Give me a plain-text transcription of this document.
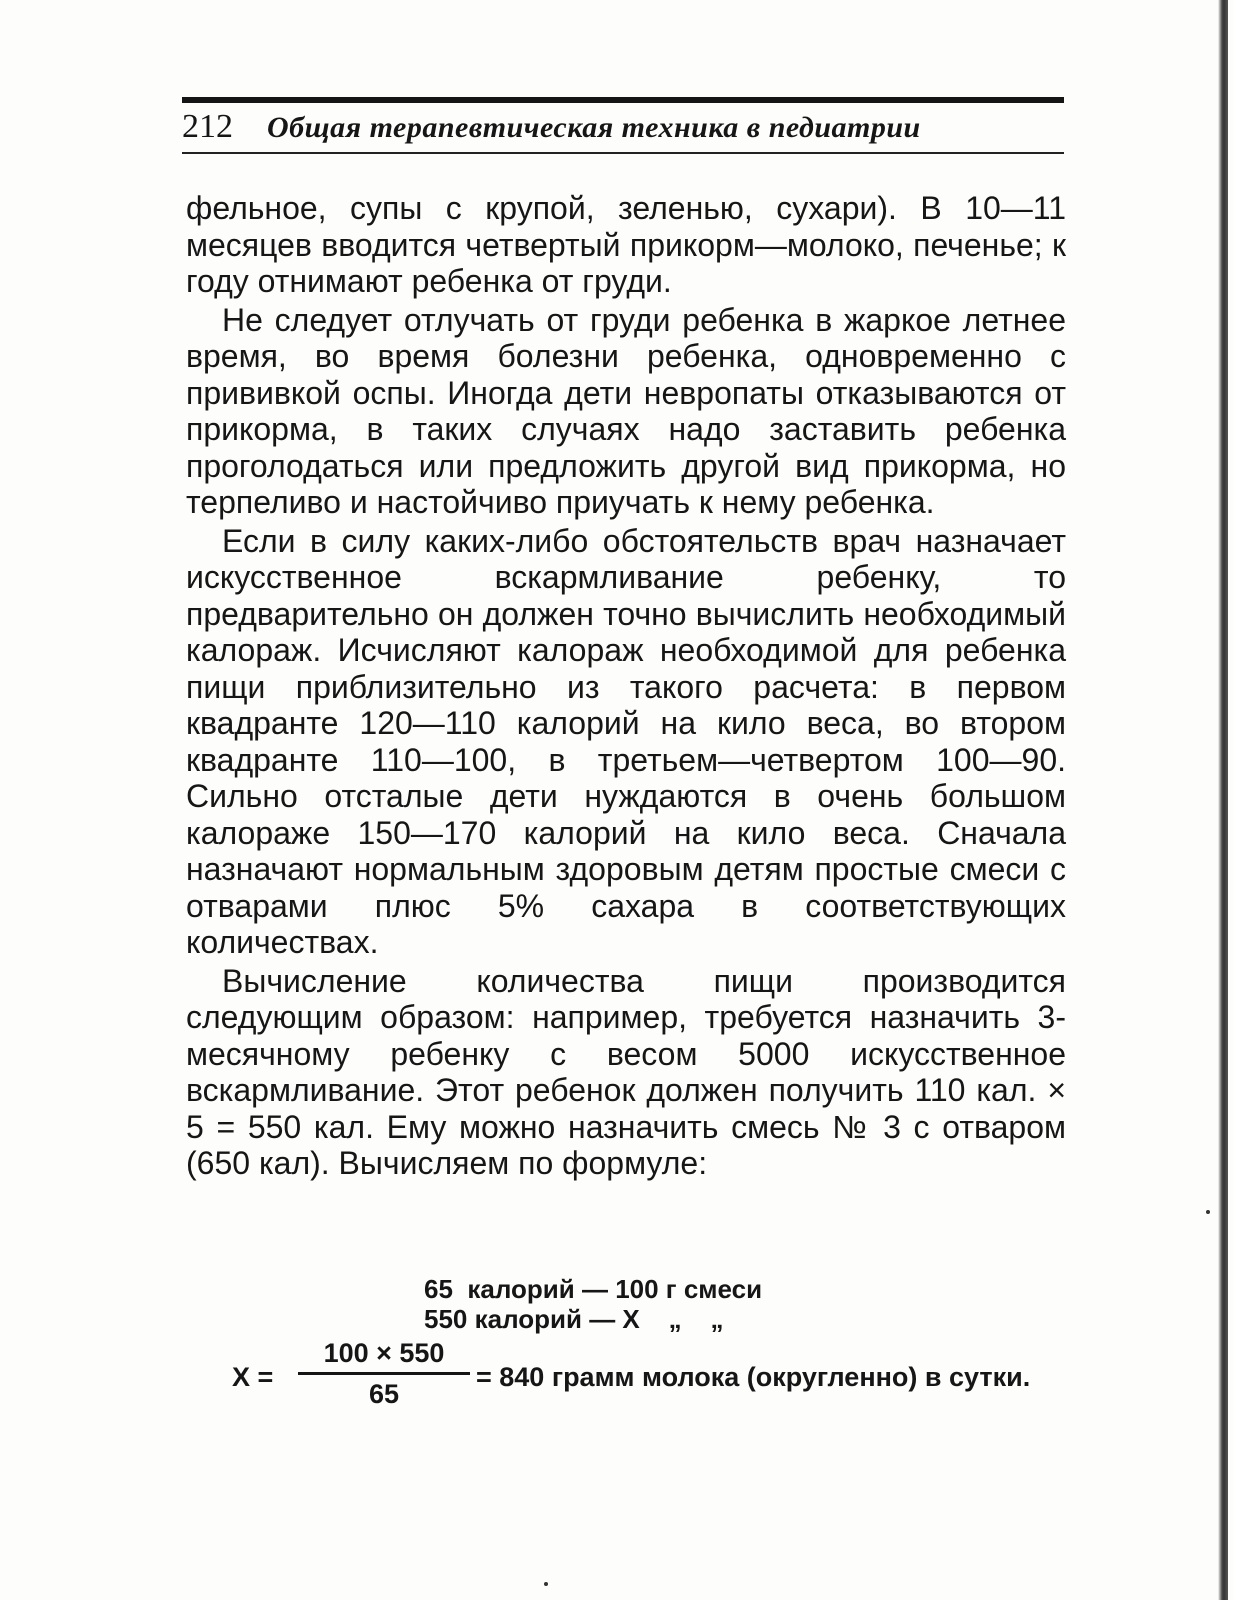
212 Общая терапевтическая техника в педиатрии

фельное, супы с крупой, зеленью, сухари). В 10—11 месяцев вводится четвертый прикорм—молоко, печенье; к году отнимают ребенка от груди.

Не следует отлучать от груди ребенка в жаркое летнее время, во время болезни ребенка, одновременно с прививкой оспы. Иногда дети невропаты отказываются от прикорма, в таких случаях надо заставить ребенка проголодаться или предложить другой вид прикорма, но терпеливо и настойчиво приучать к нему ребенка.

Если в силу каких-либо обстоятельств врач назначает искусственное вскармливание ребенку, то предварительно он должен точно вычислить необходимый калораж. Исчисляют калораж необходимой для ребенка пищи приблизительно из такого расчета: в первом квадранте 120—110 калорий на кило веса, во втором квадранте 110—100, в третьем—четвертом 100—90. Сильно отсталые дети нуждаются в очень большом калораже 150—170 калорий на кило веса. Сначала назначают нормальным здоровым детям простые смеси с отварами плюс 5% сахара в соответствующих количествах.

Вычисление количества пищи производится следующим образом: например, требуется назначить 3-месячному ребенку с весом 5000 искусственное вскармливание. Этот ребенок должен получить 110 кал. × 5 = 550 кал. Ему можно назначить смесь № 3 с отваром (650 кал). Вычисляем по формуле:

65  калорий — 100 г смеси
550 калорий — X    „    „
X =
100 × 550
65
= 840 грамм молока (округленно) в сутки.
